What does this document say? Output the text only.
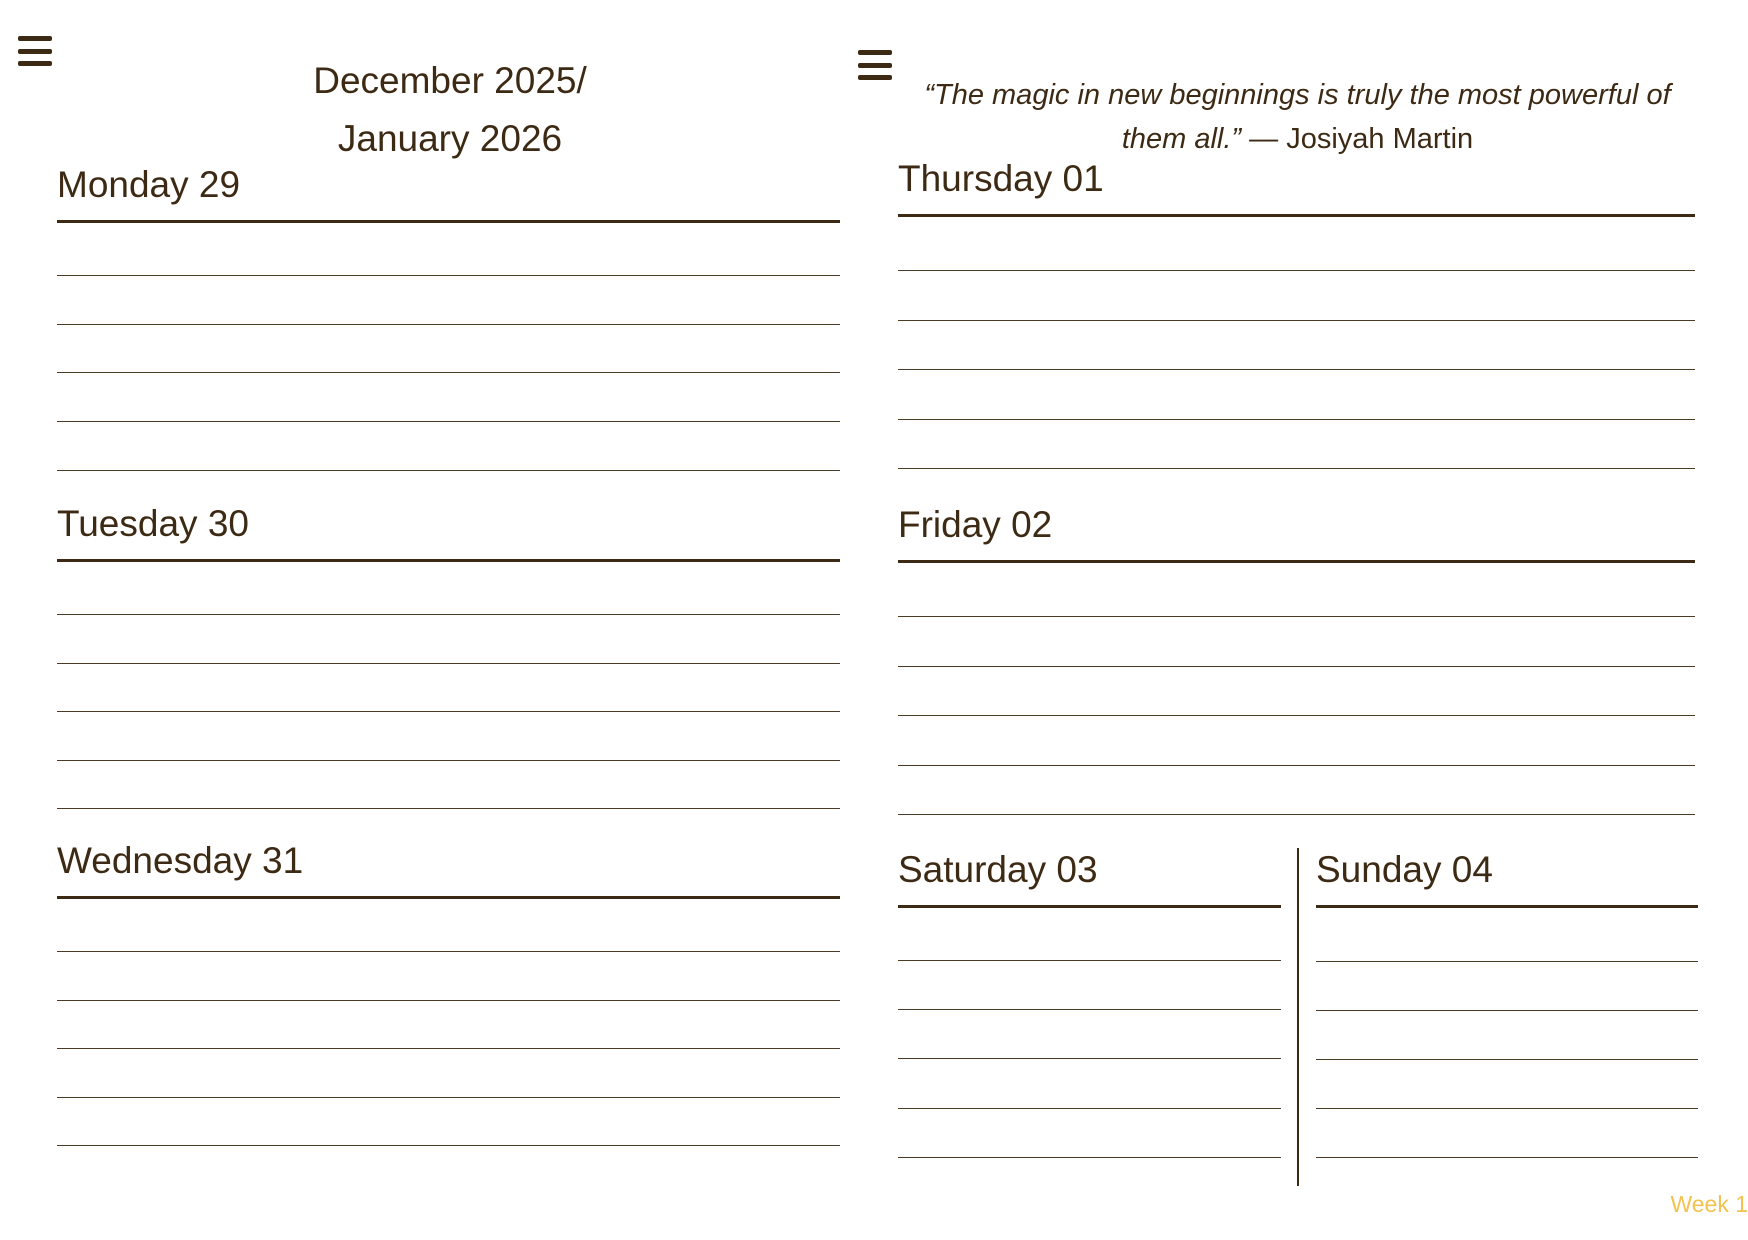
December 2025/
January 2026
“The magic in new beginnings is truly the most powerful of them all.” — Josiyah Martin
Monday 29
Tuesday 30
Wednesday 31
Thursday 01
Friday 02
Saturday 03	Sunday 04
Week 1
